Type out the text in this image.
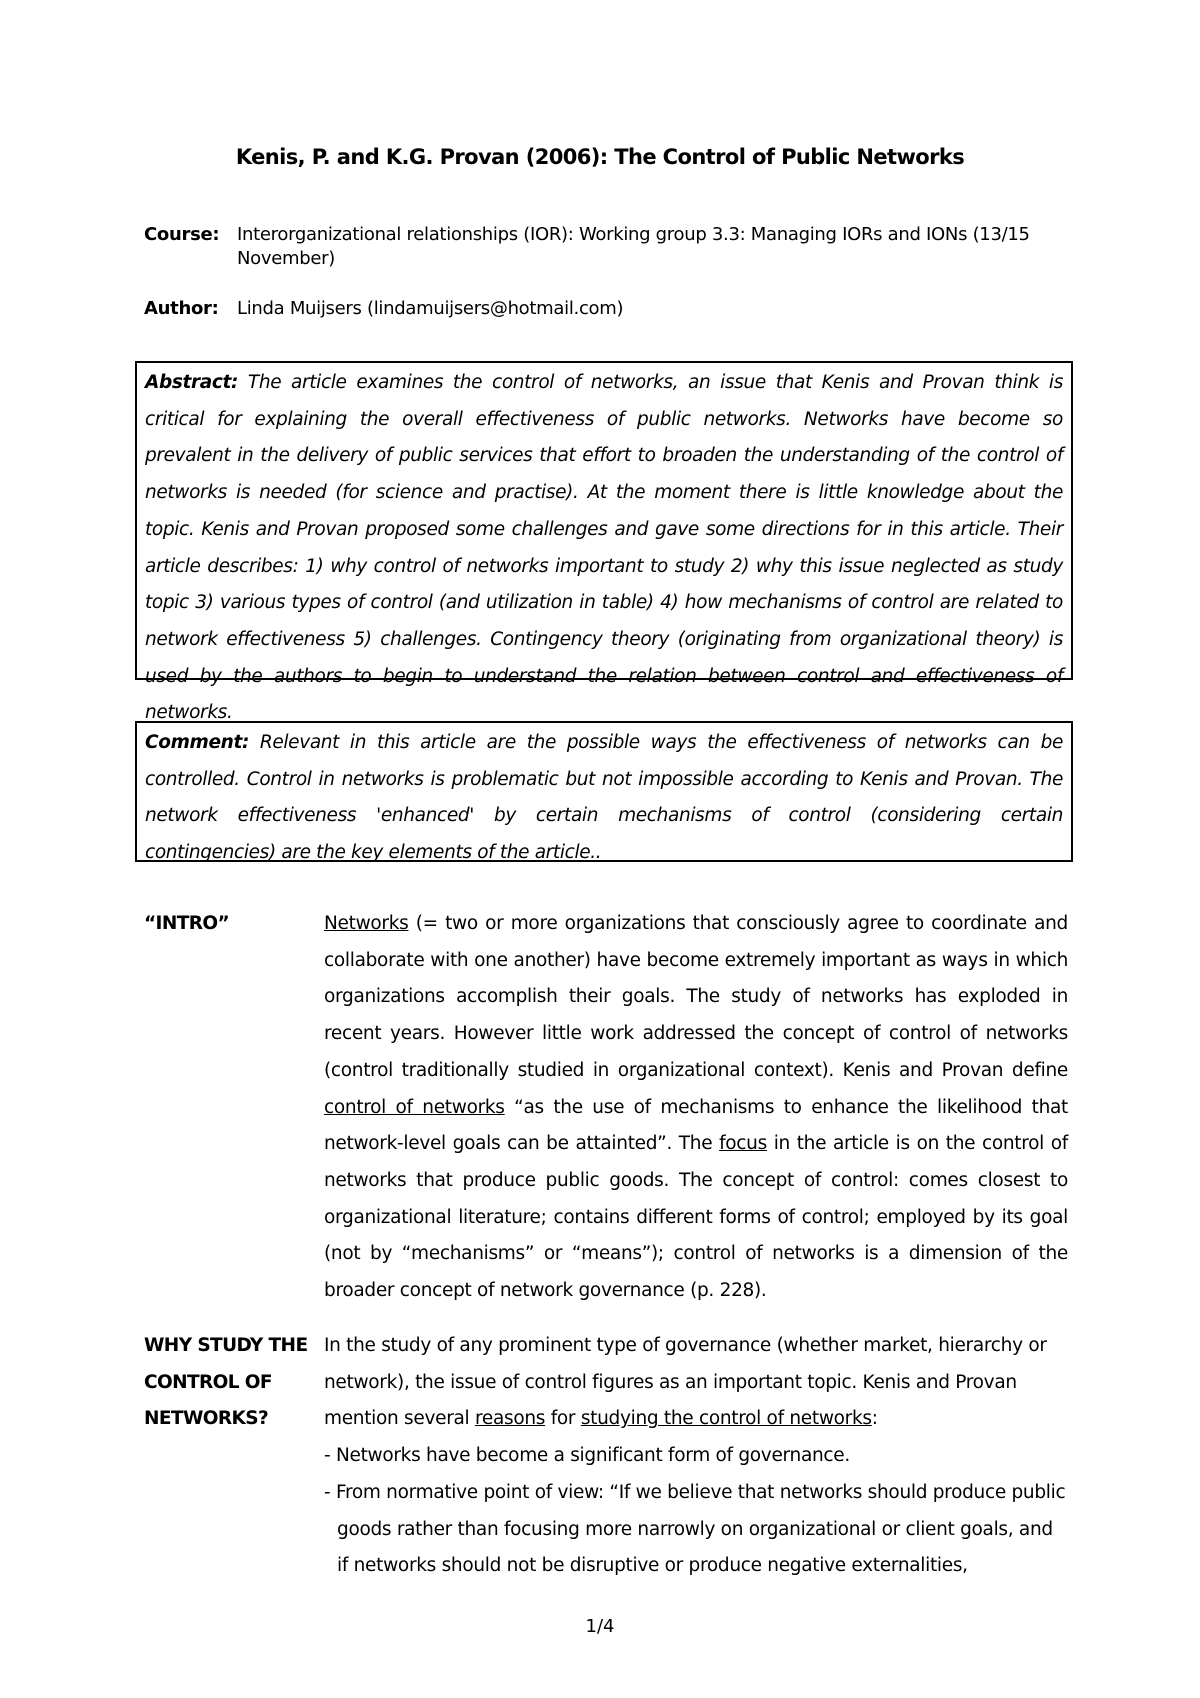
Kenis, P. and K.G. Provan (2006): The Control of Public Networks
Course: Interorganizational relationships (IOR): Working group 3.3: Managing IORs and IONs (13/15 November)
Author: Linda Muijsers (lindamuijsers@hotmail.com)
Abstract: The article examines the control of networks, an issue that Kenis and Provan think is critical for explaining the overall effectiveness of public networks. Networks have become so prevalent in the delivery of public services that effort to broaden the understanding of the control of networks is needed (for science and practise). At the moment there is little knowledge about the topic. Kenis and Provan proposed some challenges and gave some directions for in this article. Their article describes: 1) why control of networks important to study 2) why this issue neglected as study topic 3) various types of control (and utilization in table) 4) how mechanisms of control are related to network effectiveness 5) challenges. Contingency theory (originating from organizational theory) is used by the authors to begin to understand the relation between control and effectiveness of networks.
Comment: Relevant in this article are the possible ways the effectiveness of networks can be controlled. Control in networks is problematic but not impossible according to Kenis and Provan. The network effectiveness 'enhanced' by certain mechanisms of control (considering certain contingencies) are the key elements of the article..
“INTRO”	Networks (= two or more organizations that consciously agree to coordinate and collaborate with one another) have become extremely important as ways in which organizations accomplish their goals. The study of networks has exploded in recent years. However little work addressed the concept of control of networks (control traditionally studied in organizational context). Kenis and Provan define control of networks “as the use of mechanisms to enhance the likelihood that network-level goals can be attainted”. The focus in the article is on the control of networks that produce public goods. The concept of control: comes closest to organizational literature; contains different forms of control; employed by its goal (not by “mechanisms” or “means”); control of networks is a dimension of the broader concept of network governance (p. 228).
WHY STUDY THE CONTROL OF NETWORKS?

In the study of any prominent type of governance (whether market, hierarchy or network), the issue of control figures as an important topic. Kenis and Provan mention several reasons for studying the control of networks:

- Networks have become a significant form of governance.
- From normative point of view: “If we believe that networks should produce public goods rather than focusing more narrowly on organizational or client goals, and if networks should not be disruptive or produce negative externalities,
1/4
